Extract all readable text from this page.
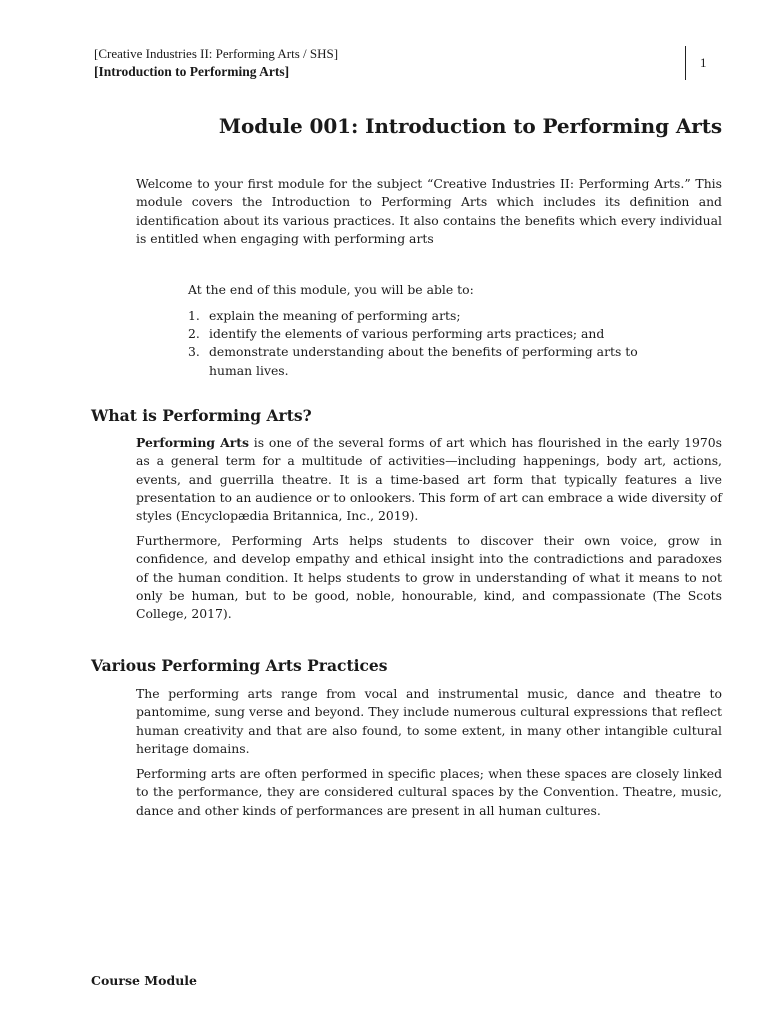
[Creative Industries II: Performing Arts / SHS]
[Introduction to Performing Arts]
1
Module 001: Introduction to Performing Arts

Welcome to your first module for the subject “Creative Industries II: Performing Arts.” This module covers the Introduction to Performing Arts which includes its definition and identification about its various practices. It also contains the benefits which every individual is entitled when engaging with performing arts

At the end of this module, you will be able to:

1. explain the meaning of performing arts;
2. identify the elements of various performing arts practices; and
3. demonstrate understanding about the benefits of performing arts to human lives.
What is Performing Arts?

Performing Arts is one of the several forms of art which has flourished in the early 1970s as a general term for a multitude of activities—including happenings, body art, actions, events, and guerrilla theatre. It is a time-based art form that typically features a live presentation to an audience or to onlookers. This form of art can embrace a wide diversity of styles (Encyclopædia Britannica, Inc., 2019).

Furthermore, Performing Arts helps students to discover their own voice, grow in confidence, and develop empathy and ethical insight into the contradictions and paradoxes of the human condition. It helps students to grow in understanding of what it means to not only be human, but to be good, noble, honourable, kind, and compassionate (The Scots College, 2017).

Various Performing Arts Practices

The performing arts range from vocal and instrumental music, dance and theatre to pantomime, sung verse and beyond. They include numerous cultural expressions that reflect human creativity and that are also found, to some extent, in many other intangible cultural heritage domains.

Performing arts are often performed in specific places; when these spaces are closely linked to the performance, they are considered cultural spaces by the Convention. Theatre, music, dance and other kinds of performances are present in all human cultures.

Course Module
